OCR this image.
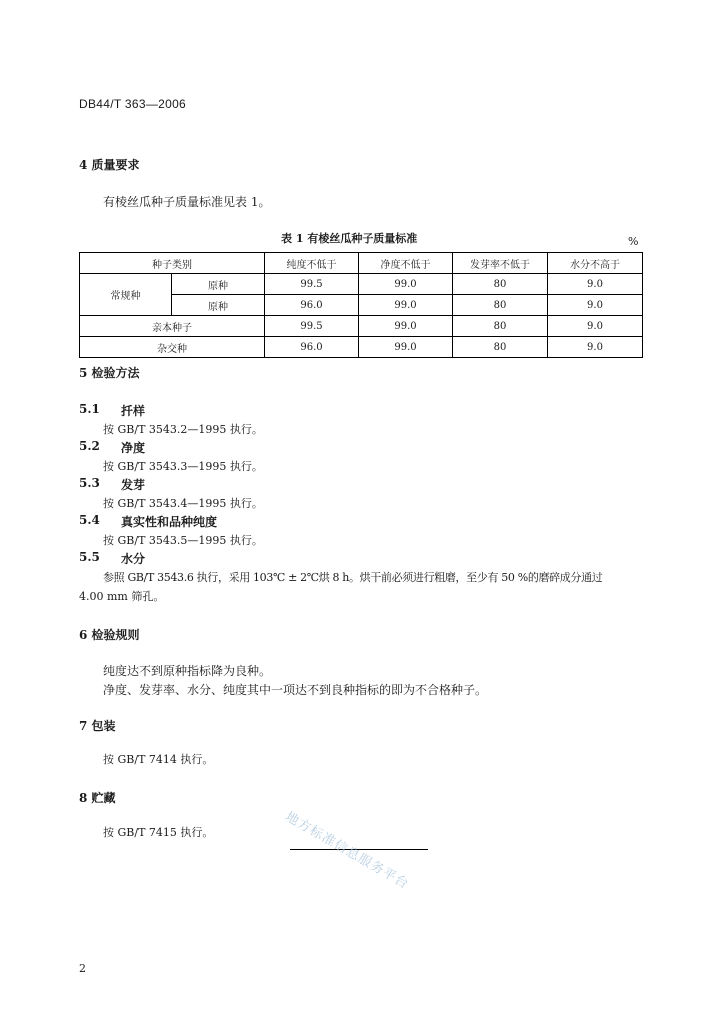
DB44/T 363—2006
4 质量要求
有棱丝瓜种子质量标准见表 1。
表 1 有棱丝瓜种子质量标准	%
种子类别		纯度不低于	净度不低于	发芽率不低于	水分不高于
常规种	原种	99.5	99.0	80	9.0
	原种	96.0	99.0	80	9.0
亲本种子		99.5	99.0	80	9.0
杂交种		96.0	99.0	80	9.0
5 检验方法
5.1 扦样
按 GB/T 3543.2—1995 执行。
5.2 净度
按 GB/T 3543.3—1995 执行。
5.3 发芽
按 GB/T 3543.4—1995 执行。
5.4 真实性和品种纯度
按 GB/T 3543.5—1995 执行。
5.5 水分
参照 GB/T 3543.6 执行，采用 103℃ ± 2℃烘 8 h。烘干前必须进行粗磨，至少有 50 %的磨碎成分通过
4.00 mm 筛孔。
6 检验规则
纯度达不到原种指标降为良种。
净度、发芽率、水分、纯度其中一项达不到良种指标的即为不合格种子。
7 包装
按 GB/T 7414 执行。
8 贮藏
按 GB/T 7415 执行。	地方标准信息服务平台
2
